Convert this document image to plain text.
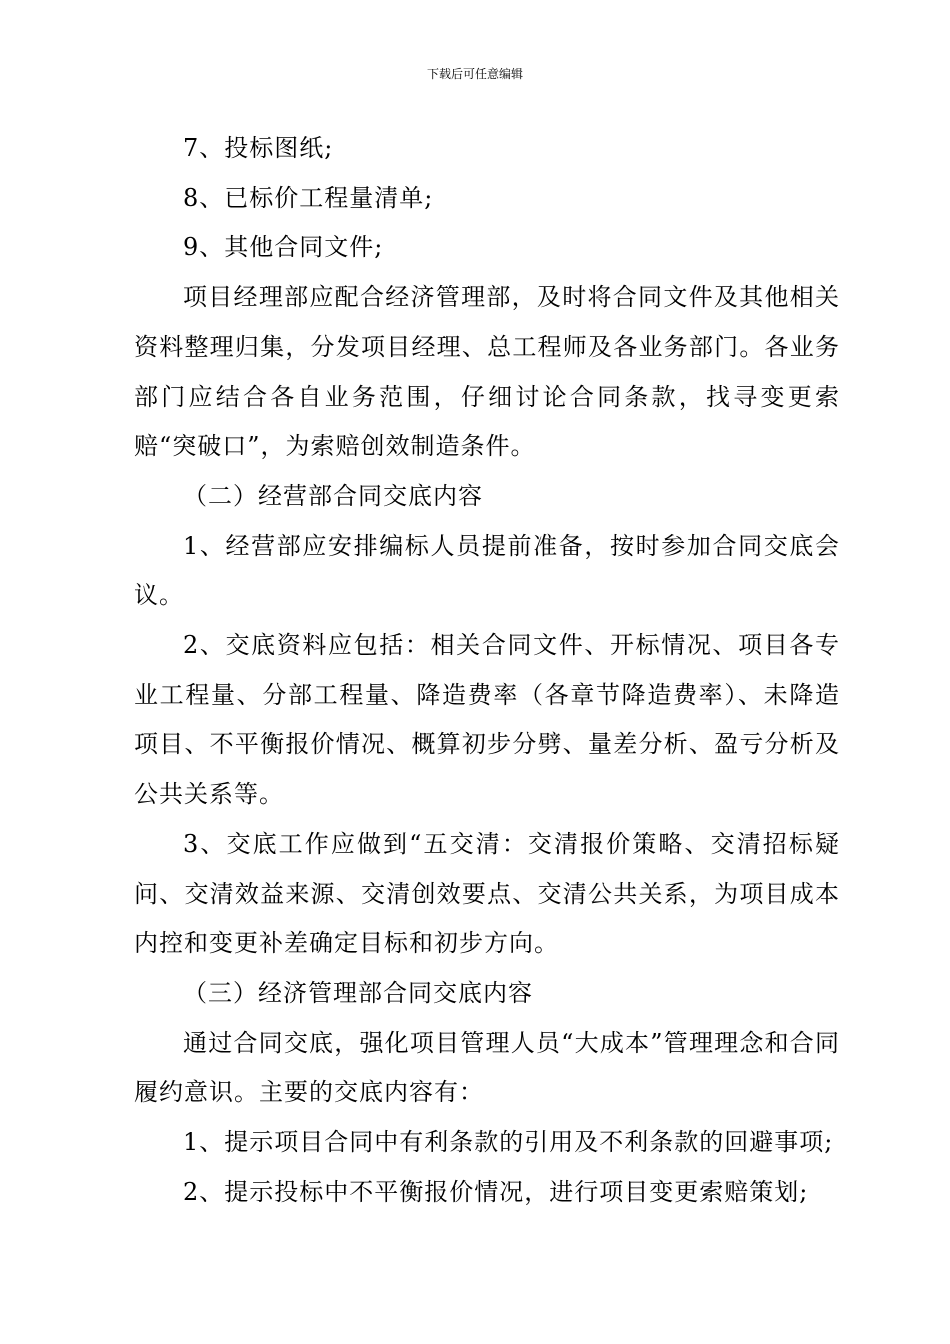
下载后可任意编辑

7、投标图纸;

8、已标价工程量清单;

9、其他合同文件;

项目经理部应配合经济管理部，及时将合同文件及其他相关资料整理归集，分发项目经理、总工程师及各业务部门。各业务部门应结合各自业务范围，仔细讨论合同条款，找寻变更索赔“突破口”，为索赔创效制造条件。

（二）经营部合同交底内容

1、经营部应安排编标人员提前准备，按时参加合同交底会议。

2、交底资料应包括：相关合同文件、开标情况、项目各专业工程量、分部工程量、降造费率（各章节降造费率）、未降造项目、不平衡报价情况、概算初步分劈、量差分析、盈亏分析及公共关系等。

3、交底工作应做到“五交清：交清报价策略、交清招标疑问、交清效益来源、交清创效要点、交清公共关系，为项目成本内控和变更补差确定目标和初步方向。

（三）经济管理部合同交底内容

通过合同交底，强化项目管理人员“大成本”管理理念和合同履约意识。主要的交底内容有：

1、提示项目合同中有利条款的引用及不利条款的回避事项;

2、提示投标中不平衡报价情况，进行项目变更索赔策划;
